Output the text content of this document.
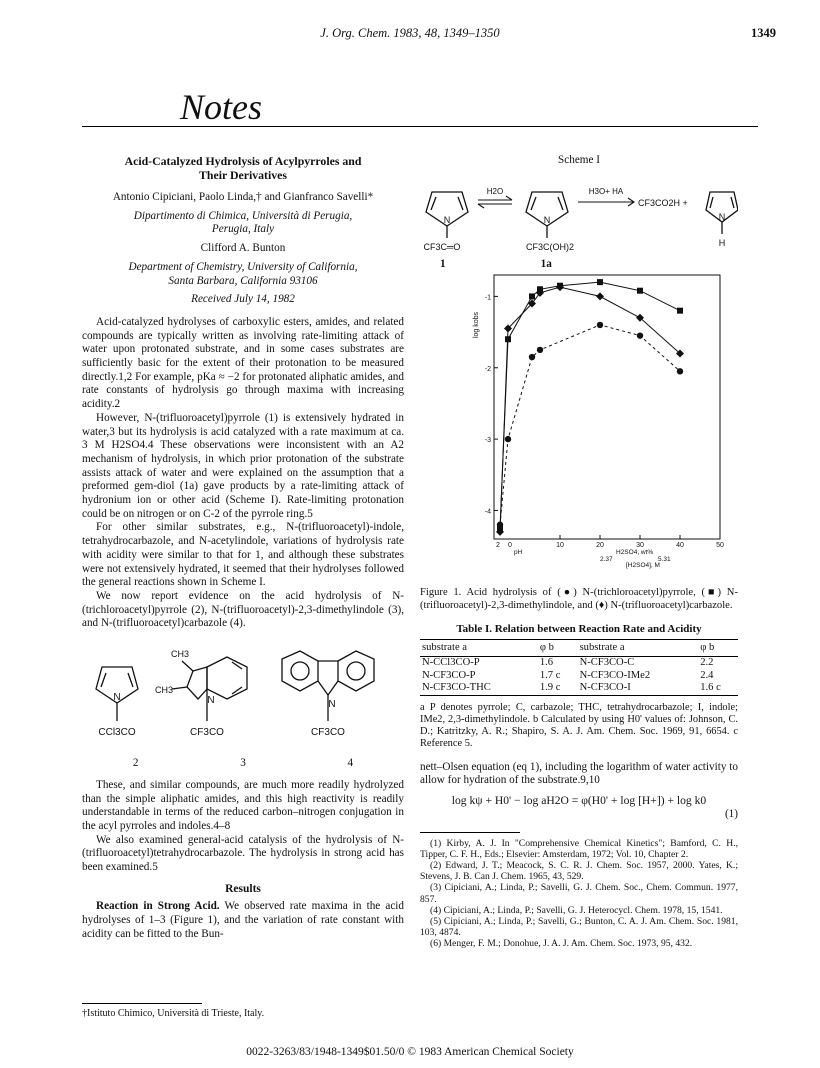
J. Org. Chem. 1983, 48, 1349–1350	1349
Notes
Acid-Catalyzed Hydrolysis of Acylpyrroles and
Their Derivatives
Antonio Cipiciani, Paolo Linda,† and Gianfranco Savelli*
Dipartimento di Chimica, Università di Perugia,
Perugia, Italy
Clifford A. Bunton
Department of Chemistry, University of California,
Santa Barbara, California 93106
Received July 14, 1982

Acid-catalyzed hydrolyses of carboxylic esters, amides, and related compounds are typically written as involving rate-limiting attack of water upon protonated substrate, and in some cases substrates are sufficiently basic for the extent of their protonation to be measured directly.1,2 For example, pKa ≈ −2 for protonated aliphatic amides, and rate constants of hydrolysis go through maxima with increasing acidity.2

However, N-(trifluoroacetyl)pyrrole (1) is extensively hydrated in water,3 but its hydrolysis is acid catalyzed with a rate maximum at ca. 3 M H2SO4.4 These observations were inconsistent with an A2 mechanism of hydrolysis, in which prior protonation of the substrate assists attack of water and were explained on the assumption that a preformed gem-diol (1a) gave products by a rate-limiting attack of hydronium ion or other acid (Scheme I). Rate-limiting protonation could be on nitrogen or on C-2 of the pyrrole ring.5

For other similar substrates, e.g., N-(trifluoroacetyl)-indole, tetrahydrocarbazole, and N-acetylindole, variations of hydrolysis rate with acidity were similar to that for 1, and although these substrates were not extensively hydrated, it seemed that their hydrolyses followed the general reactions shown in Scheme I.

We now report evidence on the acid hydrolysis of N-(trichloroacetyl)pyrrole (2), N-(trifluoroacetyl)-2,3-dimethylindole (3), and N-(trifluoroacetyl)carbazole (4).

N
CCl3CO
CH3
CH3
N
CF3CO
N
CF3CO
2	3	4

These, and similar compounds, are much more readily hydrolyzed than the simple aliphatic amides, and this high reactivity is readily understandable in terms of the reduced carbon–nitrogen conjugation in the acyl pyrroles and indoles.4–8

We also examined general-acid catalysis of the hydrolysis of N-(trifluoroacetyl)tetrahydrocarbazole. The hydrolysis in strong acid has been examined.5

Results

Reaction in Strong Acid. We observed rate maxima in the acid hydrolyses of 1–3 (Figure 1), and the variation of rate constant with acidity can be fitted to the Bun-

†Istituto Chimico, Università di Trieste, Italy.
Scheme I
N
CF3C═O
H2O
N
CF3C(OH)2
H3O+ HA
CF3CO2H +
N
H
1	1a
log kobs
-1
-2
-3
-4
10	20	30	40	50
2 0
pH	H2SO4, wt%
2.37	5.31
[H2SO4], M
Figure 1. Acid hydrolysis of (●) N-(trichloroacetyl)pyrrole, (■) N-(trifluoroacetyl)-2,3-dimethylindole, and (♦) N-(trifluoroacetyl)carbazole.
Table I. Relation between Reaction Rate and Acidity
substrate a	φ b	substrate a	φ b
N-CCl3CO-P	1.6	N-CF3CO-C	2.2
N-CF3CO-P	1.7 c	N-CF3CO-IMe2	2.4
N-CF3CO-THC	1.9 c	N-CF3CO-I	1.6 c
a P denotes pyrrole; C, carbazole; THC, tetrahydrocarbazole; I, indole; IMe2, 2,3-dimethylindole. b Calculated by using H0' values of: Johnson, C. D.; Katritzky, A. R.; Shapiro, S. A. J. Am. Chem. Soc. 1969, 91, 6654. c Reference 5.

nett–Olsen equation (eq 1), including the logarithm of water activity to allow for hydration of the substrate.9,10

log kψ + H0' − log aH2O = φ(H0' + log [H+]) + log k0
(1)
(1) Kirby, A. J. In "Comprehensive Chemical Kinetics"; Bamford, C. H., Tipper, C. F. H., Eds.; Elsevier: Amsterdam, 1972; Vol. 10, Chapter 2.
(2) Edward, J. T.; Meacock, S. C. R. J. Chem. Soc. 1957, 2000. Yates, K.; Stevens, J. B. Can J. Chem. 1965, 43, 529.
(3) Cipiciani, A.; Linda, P.; Savelli, G. J. Chem. Soc., Chem. Commun. 1977, 857.
(4) Cipiciani, A.; Linda, P.; Savelli, G. J. Heterocycl. Chem. 1978, 15, 1541.
(5) Cipiciani, A.; Linda, P.; Savelli, G.; Bunton, C. A. J. Am. Chem. Soc. 1981, 103, 4874.
(6) Menger, F. M.; Donohue, J. A. J. Am. Chem. Soc. 1973, 95, 432.
0022-3263/83/1948-1349$01.50/0 © 1983 American Chemical Society
